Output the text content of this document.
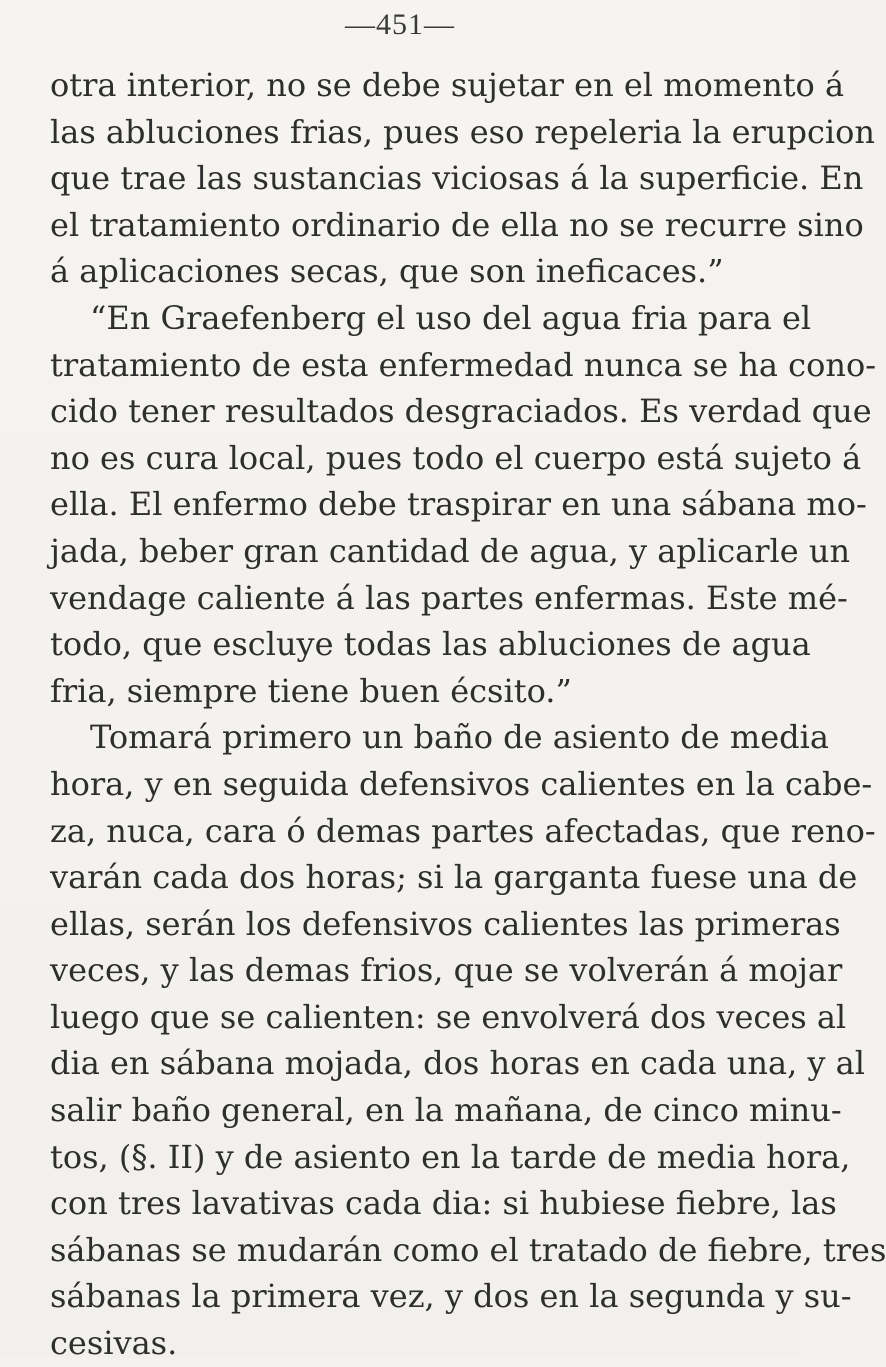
—451—
otra interior, no se debe sujetar en el momento á
las abluciones frias, pues eso repeleria la erupcion
que trae las sustancias viciosas á la superficie. En
el tratamiento ordinario de ella no se recurre sino
á aplicaciones secas, que son ineficaces.”
“En Graefenberg el uso del agua fria para el
tratamiento de esta enfermedad nunca se ha cono-
cido tener resultados desgraciados. Es verdad que
no es cura local, pues todo el cuerpo está sujeto á
ella. El enfermo debe traspirar en una sábana mo-
jada, beber gran cantidad de agua, y aplicarle un
vendage caliente á las partes enfermas. Este mé-
todo, que escluye todas las abluciones de agua
fria, siempre tiene buen écsito.”
Tomará primero un baño de asiento de media
hora, y en seguida defensivos calientes en la cabe-
za, nuca, cara ó demas partes afectadas, que reno-
varán cada dos horas; si la garganta fuese una de
ellas, serán los defensivos calientes las primeras
veces, y las demas frios, que se volverán á mojar
luego que se calienten: se envolverá dos veces al
dia en sábana mojada, dos horas en cada una, y al
salir baño general, en la mañana, de cinco minu-
tos, (§. II) y de asiento en la tarde de media hora,
con tres lavativas cada dia: si hubiese fiebre, las
sábanas se mudarán como el tratado de fiebre, tres
sábanas la primera vez, y dos en la segunda y su-
cesivas.
